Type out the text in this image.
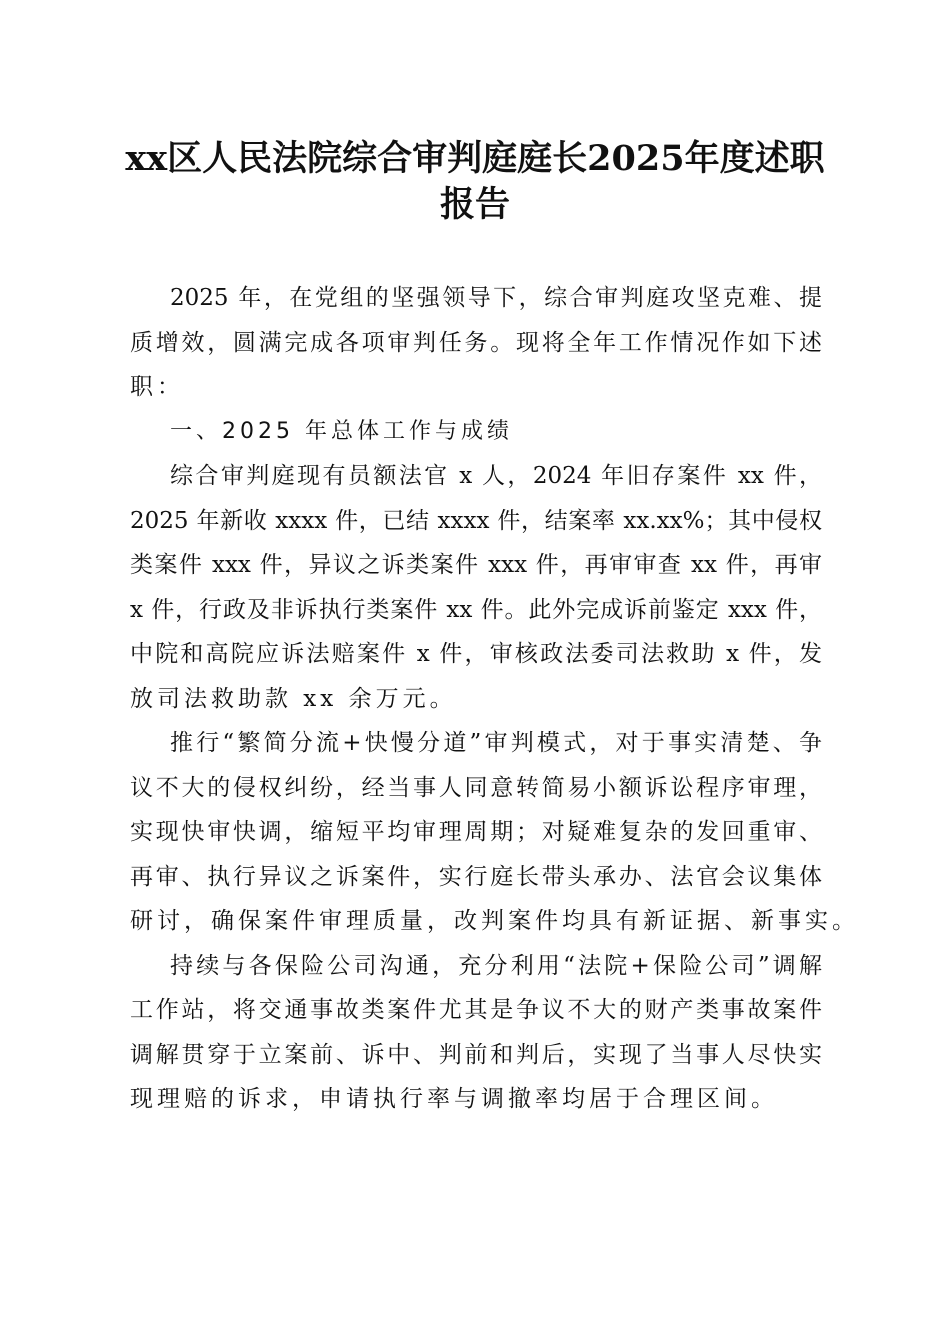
xx区人民法院综合审判庭庭长2025年度述职
报告
2025 年，在党组的坚强领导下，综合审判庭攻坚克难、提
质增效，圆满完成各项审判任务。现将全年工作情况作如下述
职：
一、2025 年总体工作与成绩
综合审判庭现有员额法官 x 人，2024 年旧存案件 xx 件，
2025 年新收 xxxx 件，已结 xxxx 件，结案率 xx.xx%；其中侵权
类案件 xxx 件，异议之诉类案件 xxx 件，再审审查 xx 件，再审
x 件，行政及非诉执行类案件 xx 件。此外完成诉前鉴定 xxx 件，
中院和高院应诉法赔案件 x 件，审核政法委司法救助 x 件，发
放司法救助款 xx 余万元。
推行“繁简分流+快慢分道”审判模式，对于事实清楚、争
议不大的侵权纠纷，经当事人同意转简易小额诉讼程序审理，
实现快审快调，缩短平均审理周期；对疑难复杂的发回重审、
再审、执行异议之诉案件，实行庭长带头承办、法官会议集体
研讨，确保案件审理质量，改判案件均具有新证据、新事实。
持续与各保险公司沟通，充分利用“法院+保险公司”调解
工作站，将交通事故类案件尤其是争议不大的财产类事故案件
调解贯穿于立案前、诉中、判前和判后，实现了当事人尽快实
现理赔的诉求，申请执行率与调撤率均居于合理区间。
